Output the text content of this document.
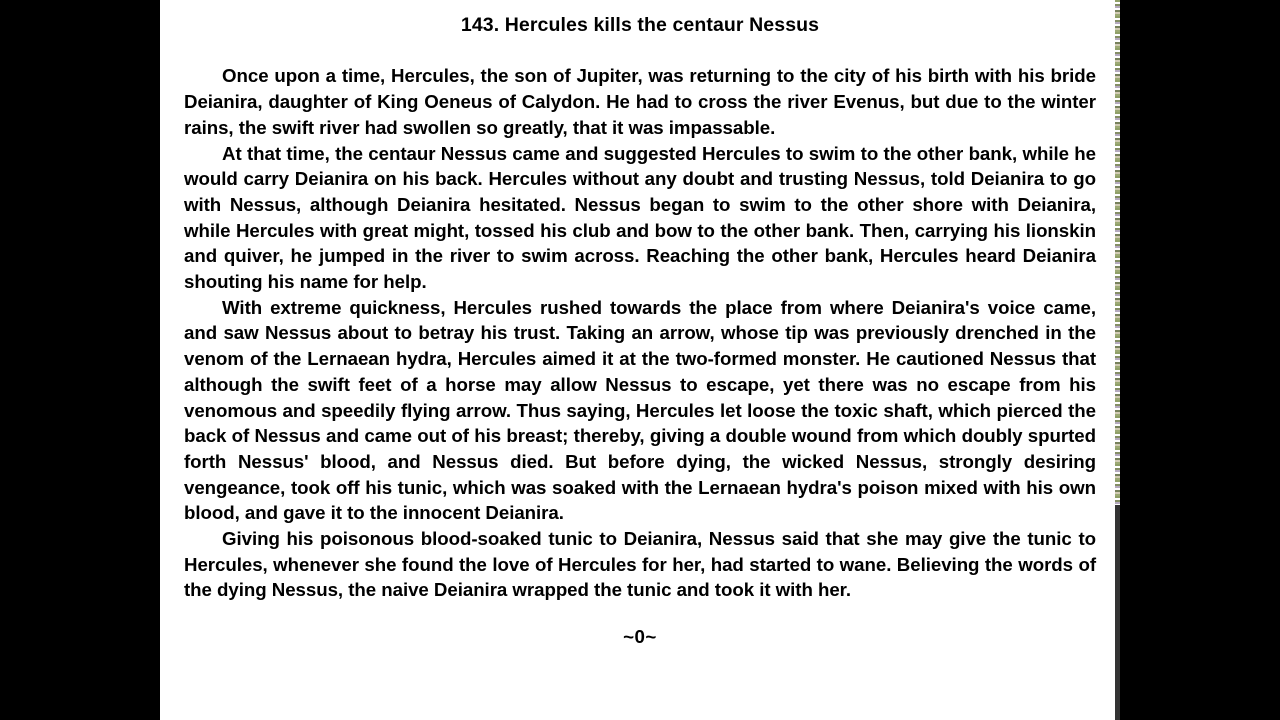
143. Hercules kills the centaur Nessus

Once upon a time, Hercules, the son of Jupiter, was returning to the city of his birth with his bride Deianira, daughter of King Oeneus of Calydon. He had to cross the river Evenus, but due to the winter rains, the swift river had swollen so greatly, that it was impassable.

At that time, the centaur Nessus came and suggested Hercules to swim to the other bank, while he would carry Deianira on his back. Hercules without any doubt and trusting Nessus, told Deianira to go with Nessus, although Deianira hesitated. Nessus began to swim to the other shore with Deianira, while Hercules with great might, tossed his club and bow to the other bank. Then, carrying his lionskin and quiver, he jumped in the river to swim across. Reaching the other bank, Hercules heard Deianira shouting his name for help.

With extreme quickness, Hercules rushed towards the place from where Deianira's voice came, and saw Nessus about to betray his trust. Taking an arrow, whose tip was previously drenched in the venom of the Lernaean hydra, Hercules aimed it at the two-formed monster. He cautioned Nessus that although the swift feet of a horse may allow Nessus to escape, yet there was no escape from his venomous and speedily flying arrow. Thus saying, Hercules let loose the toxic shaft, which pierced the back of Nessus and came out of his breast; thereby, giving a double wound from which doubly spurted forth Nessus' blood, and Nessus died. But before dying, the wicked Nessus, strongly desiring vengeance, took off his tunic, which was soaked with the Lernaean hydra's poison mixed with his own blood, and gave it to the innocent Deianira.

Giving his poisonous blood-soaked tunic to Deianira, Nessus said that she may give the tunic to Hercules, whenever she found the love of Hercules for her, had started to wane. Believing the words of the dying Nessus, the naive Deianira wrapped the tunic and took it with her.

~0~
